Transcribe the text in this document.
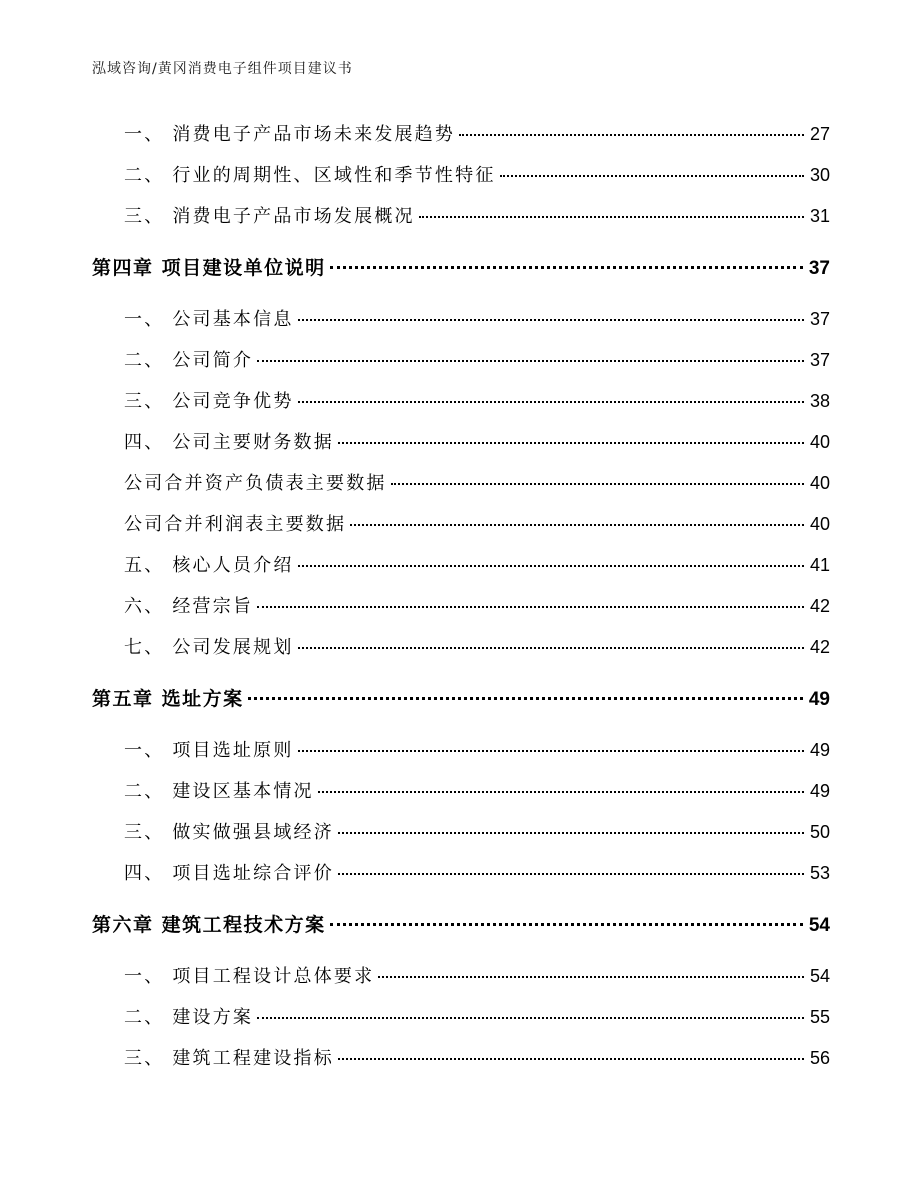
泓域咨询/黄冈消费电子组件项目建议书
一、 消费电子产品市场未来发展趋势	27
二、 行业的周期性、区域性和季节性特征	30
三、 消费电子产品市场发展概况	31
第四章 项目建设单位说明	37
一、 公司基本信息	37
二、 公司简介	37
三、 公司竞争优势	38
四、 公司主要财务数据	40
公司合并资产负债表主要数据	40
公司合并利润表主要数据	40
五、 核心人员介绍	41
六、 经营宗旨	42
七、 公司发展规划	42
第五章 选址方案	49
一、 项目选址原则	49
二、 建设区基本情况	49
三、 做实做强县域经济	50
四、 项目选址综合评价	53
第六章 建筑工程技术方案	54
一、 项目工程设计总体要求	54
二、 建设方案	55
三、 建筑工程建设指标	56
